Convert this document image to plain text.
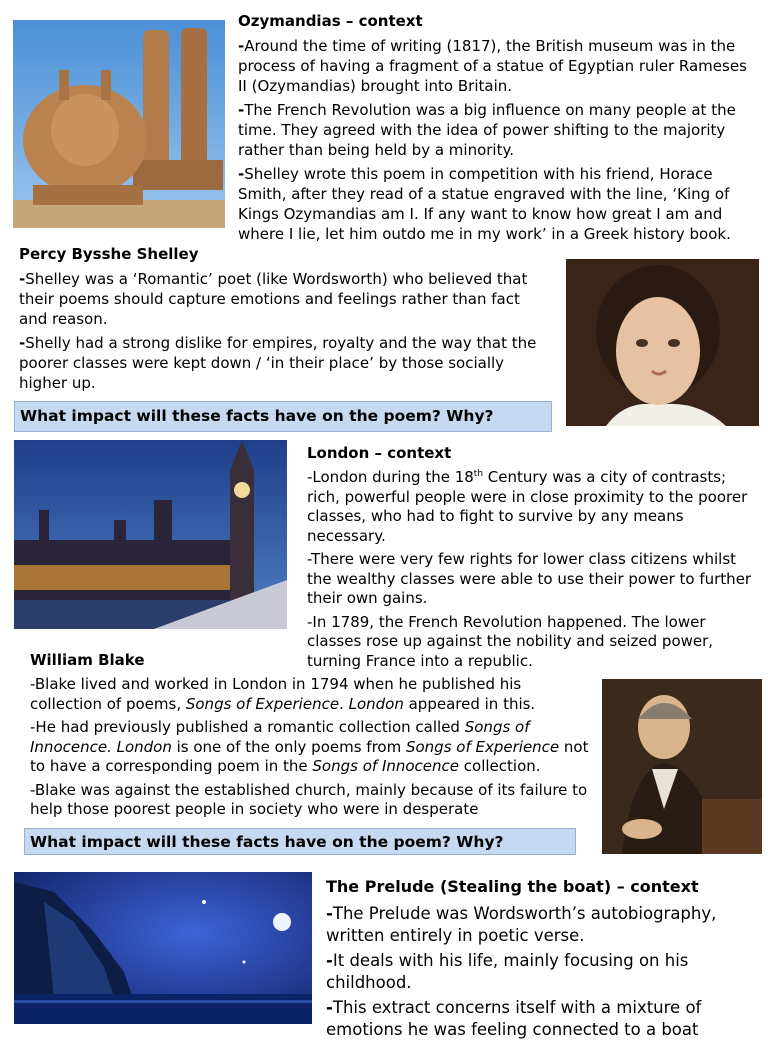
Ozymandias – context

-Around the time of writing (1817), the British museum was in the process of having a fragment of a statue of Egyptian ruler Rameses II (Ozymandias) brought into Britain.

-The French Revolution was a big influence on many people at the time. They agreed with the idea of power shifting to the majority rather than being held by a minority.

-Shelley wrote this poem in competition with his friend, Horace Smith, after they read of a statue engraved with the line, ‘King of Kings Ozymandias am I. If any want to know how great I am and where I lie, let him outdo me in my work’ in a Greek history book.

Percy Bysshe Shelley

-Shelley was a ‘Romantic’ poet (like Wordsworth) who believed that their poems should capture emotions and feelings rather than fact and reason.

-Shelly had a strong dislike for empires, royalty and the way that the poorer classes were kept down / ‘in their place’ by those socially higher up.

What impact will these facts have on the poem? Why?
London – context

-London during the 18th Century was a city of contrasts; rich, powerful people were in close proximity to the poorer classes, who had to fight to survive by any means necessary.

-There were very few rights for lower class citizens whilst the wealthy classes were able to use their power to further their own gains.

-In 1789, the French Revolution happened. The lower classes rose up against the nobility and seized power, turning France into a republic.

William Blake

-Blake lived and worked in London in 1794 when he published his collection of poems, Songs of Experience. London appeared in this.

-He had previously published a romantic collection called Songs of Innocence. London is one of the only poems from Songs of Experience not to have a corresponding poem in the Songs of Innocence collection.

-Blake was against the established church, mainly because of its failure to help those poorest people in society who were in desperate

What impact will these facts have on the poem? Why?
The Prelude (Stealing the boat) – context

-The Prelude was Wordsworth’s autobiography, written entirely in poetic verse.

-It deals with his life, mainly focusing on his childhood.

-This extract concerns itself with a mixture of emotions he was feeling connected to a boat
